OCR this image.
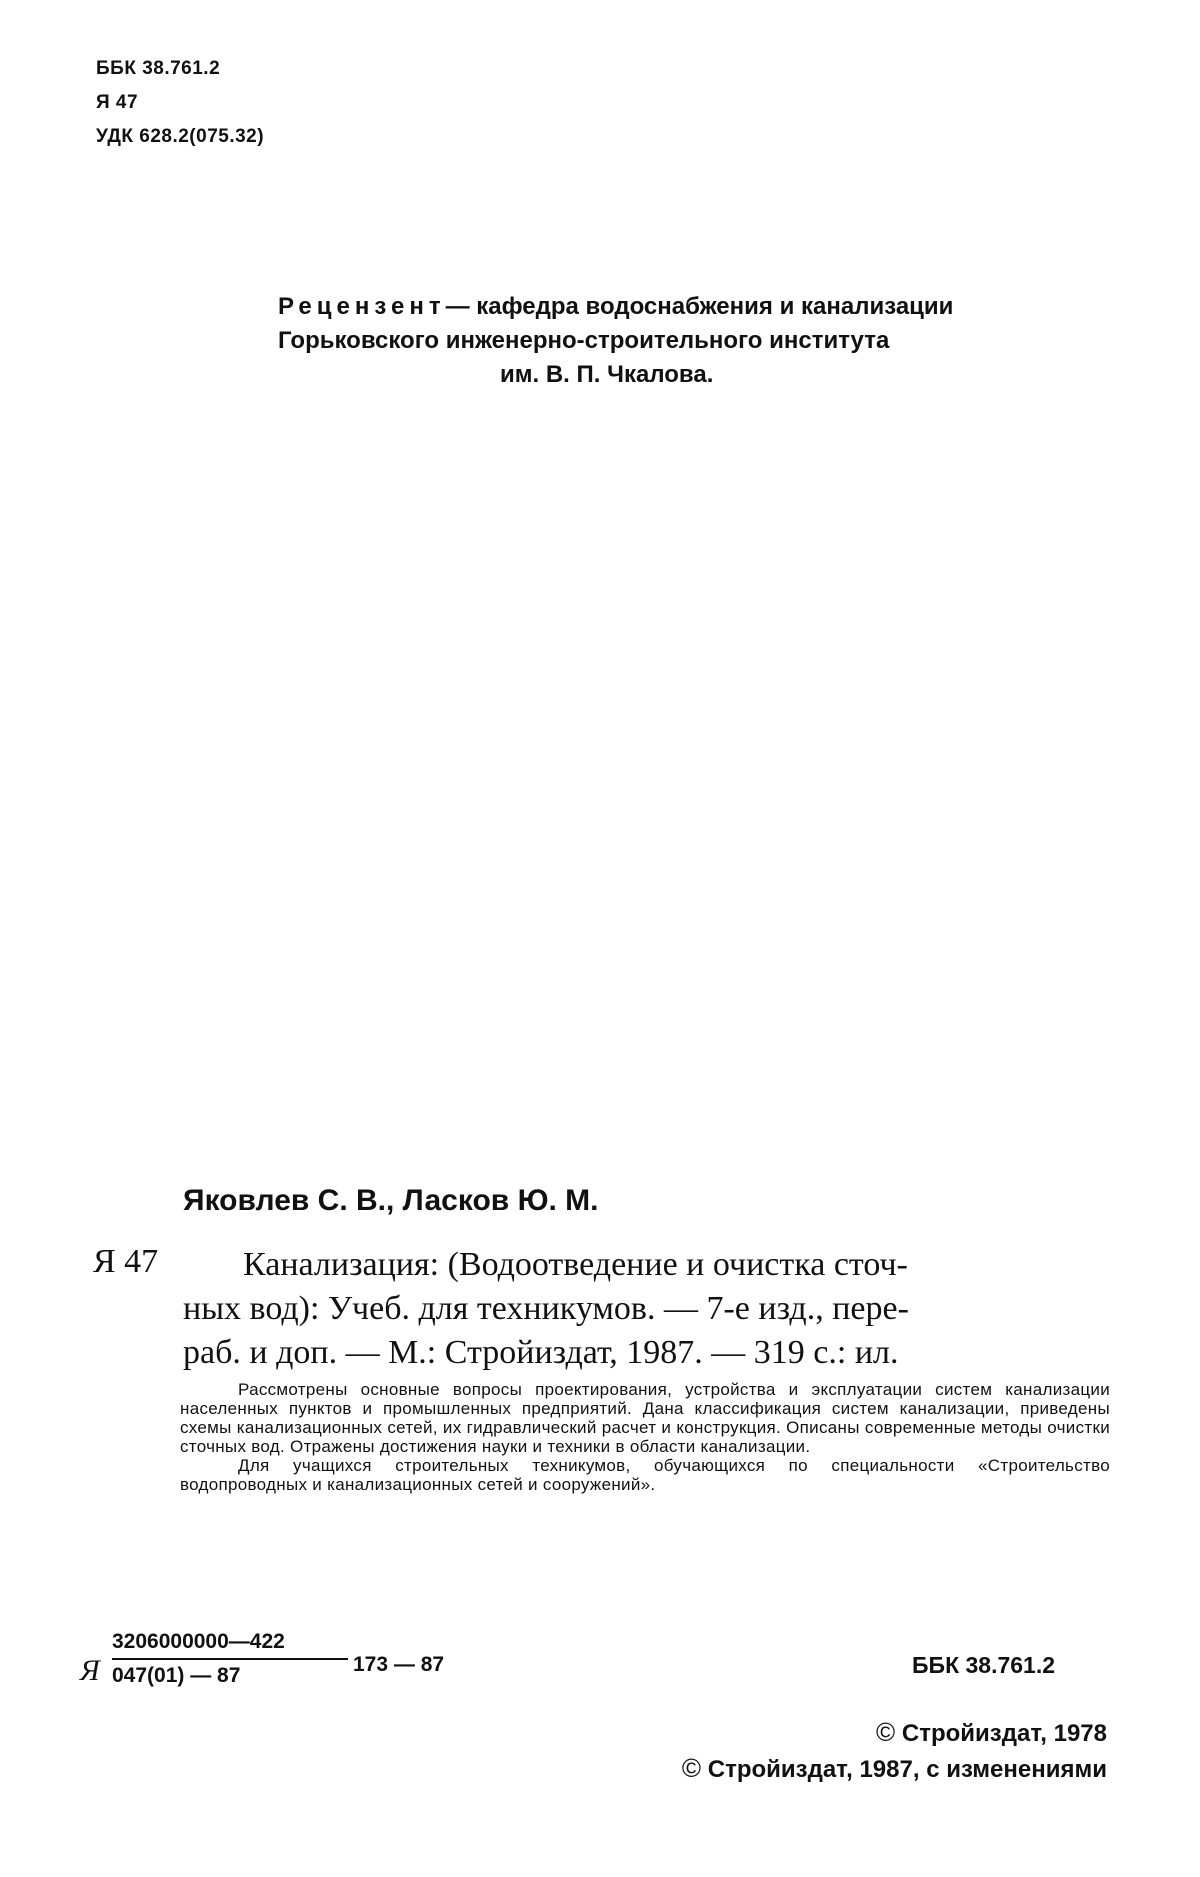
ББК 38.761.2
Я 47
УДК 628.2(075.32)
Рецензент— кафедра водоснабжения и канализации
Горьковского инженерно-строительного института
им. В. П. Чкалова.
Яковлев С. В., Ласков Ю. М.
Я 47 Канализация: (Водоотведение и очистка сточ-
ных вод): Учеб. для техникумов. — 7-е изд., пере-
раб. и доп. — М.: Стройиздат, 1987. — 319 с.: ил.

Рассмотрены основные вопросы проектирования, устройства и эксплуатации систем канализации населенных пунктов и промышленных предприятий. Дана классификация систем канализации, приведены схемы канализационных сетей, их гидравлический расчет и конструкция. Описаны современные методы очистки сточных вод. Отражены достижения науки и техники в области канализации.

Для учащихся строительных техникумов, обучающихся по специальности «Строительство водопроводных и канализационных сетей и сооружений».

Я
3206000000—422
047(01) — 87	173 — 87	ББК 38.761.2
© Стройиздат, 1978
© Стройиздат, 1987, с изменениями
